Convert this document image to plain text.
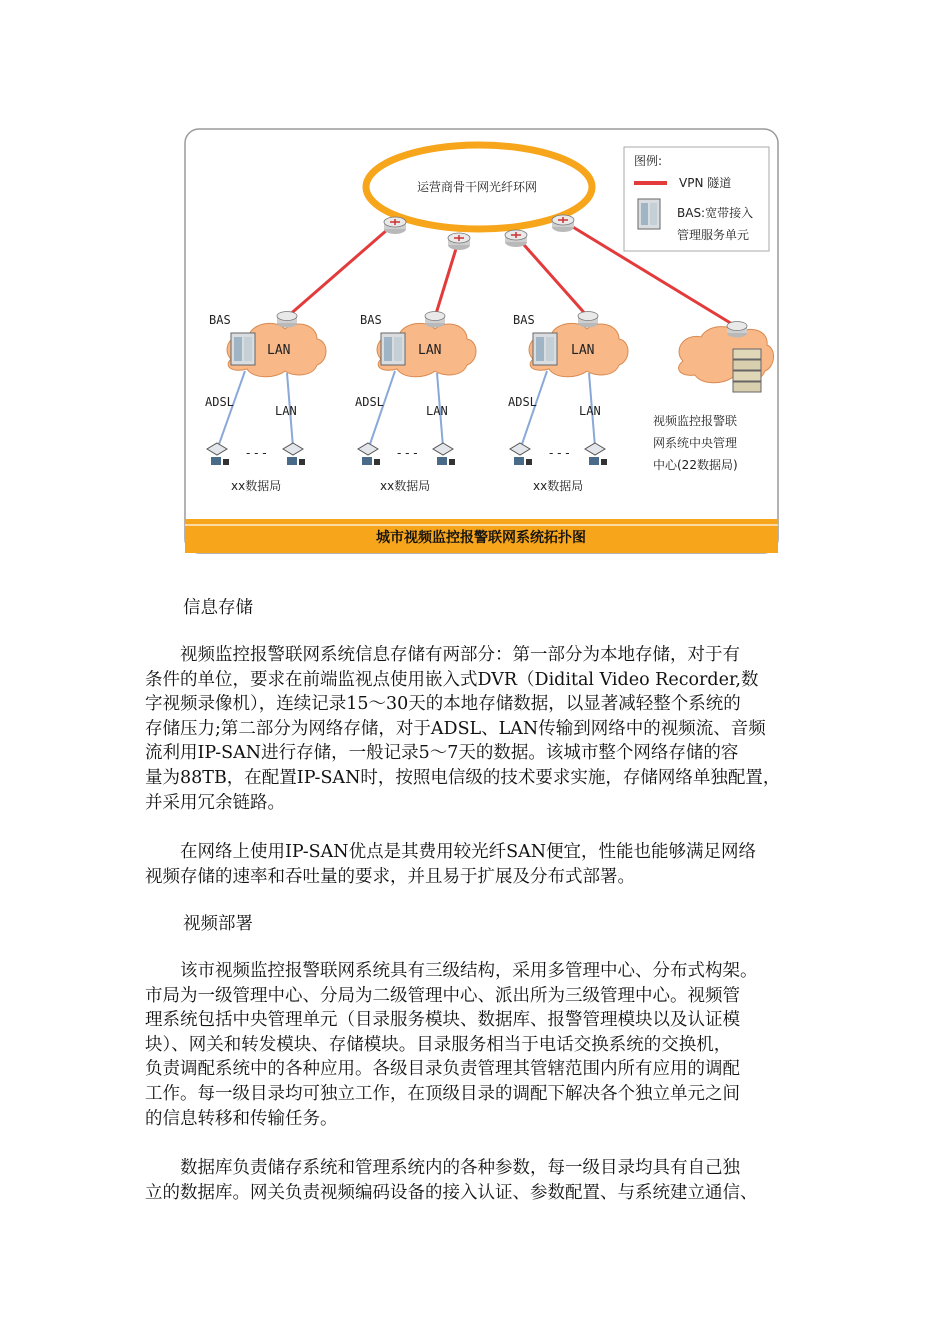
运营商骨干网光纤环网
图例:
VPN 隧道
BAS:宽带接入
管理服务单元
BAS
LAN
ADSL
LAN
- - -
xx数据局
BAS
LAN
ADSL
LAN
- - -
xx数据局
BAS
LAN
ADSL
LAN
- - -
xx数据局
视频监控报警联
网系统中央管理
中心(22数据局)
城市视频监控报警联网系统拓扑图
信息存储
　　视频监控报警联网系统信息存储有两部分：第一部分为本地存储，对于有
条件的单位，要求在前端监视点使用嵌入式DVR（Didital Video Recorder,数
字视频录像机），连续记录15～30天的本地存储数据，以显著减轻整个系统的
存储压力;第二部分为网络存储，对于ADSL、LAN传输到网络中的视频流、音频
流利用IP-SAN进行存储，一般记录5～7天的数据。该城市整个网络存储的容
量为88TB，在配置IP-SAN时，按照电信级的技术要求实施，存储网络单独配置，
并采用冗余链路。
　　在网络上使用IP-SAN优点是其费用较光纤SAN便宜，性能也能够满足网络
视频存储的速率和吞吐量的要求，并且易于扩展及分布式部署。
视频部署
　　该市视频监控报警联网系统具有三级结构，采用多管理中心、分布式构架。
市局为一级管理中心、分局为二级管理中心、派出所为三级管理中心。视频管
理系统包括中央管理单元（目录服务模块、数据库、报警管理模块以及认证模
块）、网关和转发模块、存储模块。目录服务相当于电话交换系统的交换机，
负责调配系统中的各种应用。各级目录负责管理其管辖范围内所有应用的调配
工作。每一级目录均可独立工作，在顶级目录的调配下解决各个独立单元之间
的信息转移和传输任务。
　　数据库负责储存系统和管理系统内的各种参数，每一级目录均具有自己独
立的数据库。网关负责视频编码设备的接入认证、参数配置、与系统建立通信、
